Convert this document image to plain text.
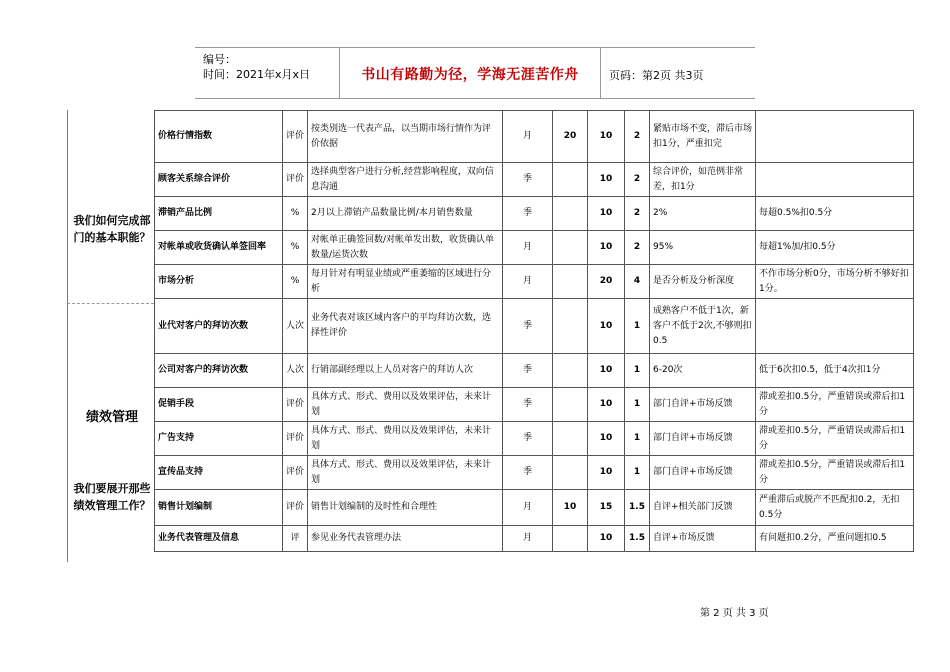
编号：
时间：2021年x月x日	书山有路勤为径，学海无涯苦作舟	页码：第2页 共3页
我们如何完成部门的基本职能？
绩效管理
我们要展开那些绩效管理工作？
价格行情指数	评价	按类别选一代表产品，以当期市场行情作为评价依据	月	20	10	2	紧贴市场不变，滞后市场扣1分，严重扣完	
顾客关系综合评价	评价	选择典型客户进行分析,经营影响程度，双向信息沟通	季		10	2	综合评价，如范例非常差，扣1分	
滞销产品比例	%	2月以上滞销产品数量比例/本月销售数量	季		10	2	2%	每超0.5%扣0.5分
对帐单或收货确认单签回率	%	对帐单正确签回数/对帐单发出数，收货确认单数量/运货次数	月		10	2	95%	每超1%加/扣0.5分
市场分析	%	每月针对有明显业绩或严重萎缩的区域进行分析	月		20	4	是否分析及分析深度	不作市场分析0分，市场分析不够好扣1分。
业代对客户的拜访次数	人次	业务代表对该区域内客户的平均拜访次数，选择性评价	季		10	1	成熟客户不低于1次，新客户不低于2次,不够则扣0.5	
公司对客户的拜访次数	人次	行销部副经理以上人员对客户的拜访人次	季		10	1	6-20次	低于6次扣0.5，低于4次扣1分
促销手段	评价	具体方式、形式、费用以及效果评估，未来计划	季		10	1	部门自评+市场反馈	滞或差扣0.5分，严重错误或滞后扣1分
广告支持	评价	具体方式、形式、费用以及效果评估，未来计划	季		10	1	部门自评+市场反馈	滞或差扣0.5分，严重错误或滞后扣1分
宣传品支持	评价	具体方式、形式、费用以及效果评估，未来计划	季		10	1	部门自评+市场反馈	滞或差扣0.5分，严重错误或滞后扣1分
销售计划编制	评价	销售计划编制的及时性和合理性	月	10	15	1.5	自评+相关部门反馈	严重滞后或脱产不匹配扣0.2，无扣0.5分
业务代表管理及信息	评	参见业务代表管理办法	月		10	1.5	自评+市场反馈	有问题扣0.2分，严重问题扣0.5
第 2 页 共 3 页
